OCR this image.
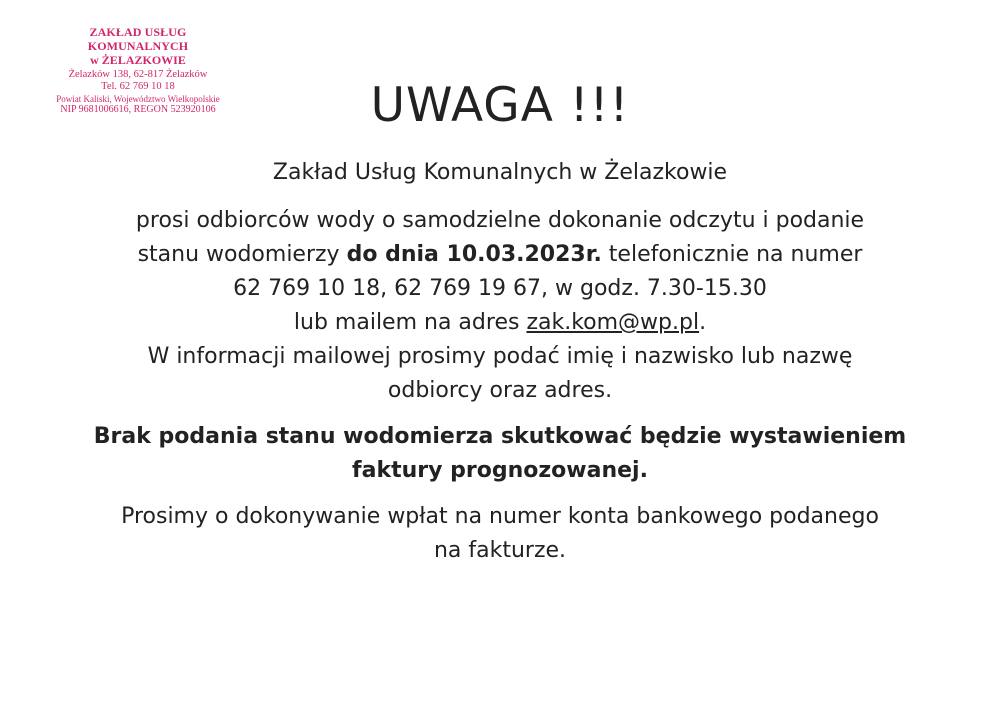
ZAKŁAD USŁUG KOMUNALNYCH
w ŻELAZKOWIE
Żelazków 138, 62-817 Żelazków
Tel. 62 769 10 18
Powiat Kaliski, Województwo Wielkopolskie
NIP 9681006616, REGON 523920106	UWAGA !!!

Zakład Usług Komunalnych w Żelazkowie

prosi odbiorców wody o samodzielne dokonanie odczytu i podanie

stanu wodomierzy do dnia 10.03.2023r. telefonicznie na numer

62 769 10 18, 62 769 19 67, w godz. 7.30-15.30

lub mailem na adres zak.kom@wp.pl.

W informacji mailowej prosimy podać imię i nazwisko lub nazwę

odbiorcy oraz adres.

Brak podania stanu wodomierza skutkować będzie wystawieniem

faktury prognozowanej.

Prosimy o dokonywanie wpłat na numer konta bankowego podanego

na fakturze.
